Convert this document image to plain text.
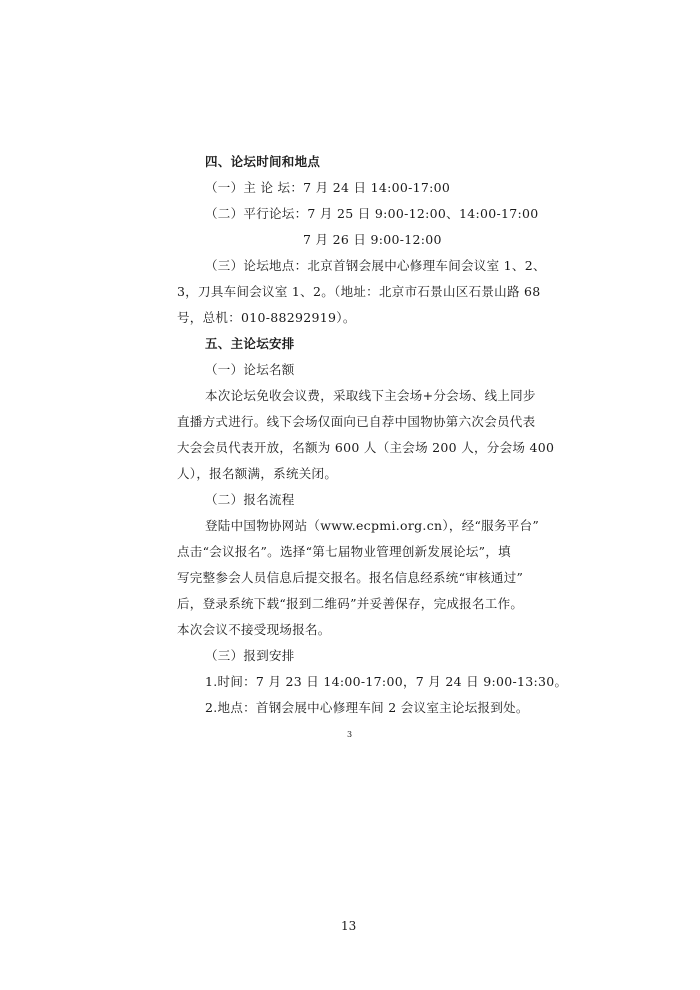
四、论坛时间和地点
（一）主 论 坛：7 月 24 日 14:00-17:00
（二）平行论坛：7 月 25 日 9:00-12:00、14:00-17:00
7 月 26 日 9:00-12:00
（三）论坛地点：北京首钢会展中心修理车间会议室 1、2、
3，刀具车间会议室 1、2。（地址：北京市石景山区石景山路 68
号，总机：010-88292919）。
五、主论坛安排
（一）论坛名额
本次论坛免收会议费，采取线下主会场+分会场、线上同步
直播方式进行。线下会场仅面向已自荐中国物协第六次会员代表
大会会员代表开放，名额为 600 人（主会场 200 人，分会场 400
人），报名额满，系统关闭。
（二）报名流程
登陆中国物协网站（www.ecpmi.org.cn），经“服务平台”
点击“会议报名”。选择“第七届物业管理创新发展论坛”，填
写完整参会人员信息后提交报名。报名信息经系统“审核通过”
后，登录系统下载“报到二维码”并妥善保存，完成报名工作。
本次会议不接受现场报名。
（三）报到安排
1.时间：7 月 23 日 14:00-17:00，7 月 24 日 9:00-13:30。
2.地点：首钢会展中心修理车间 2 会议室主论坛报到处。
3
13
